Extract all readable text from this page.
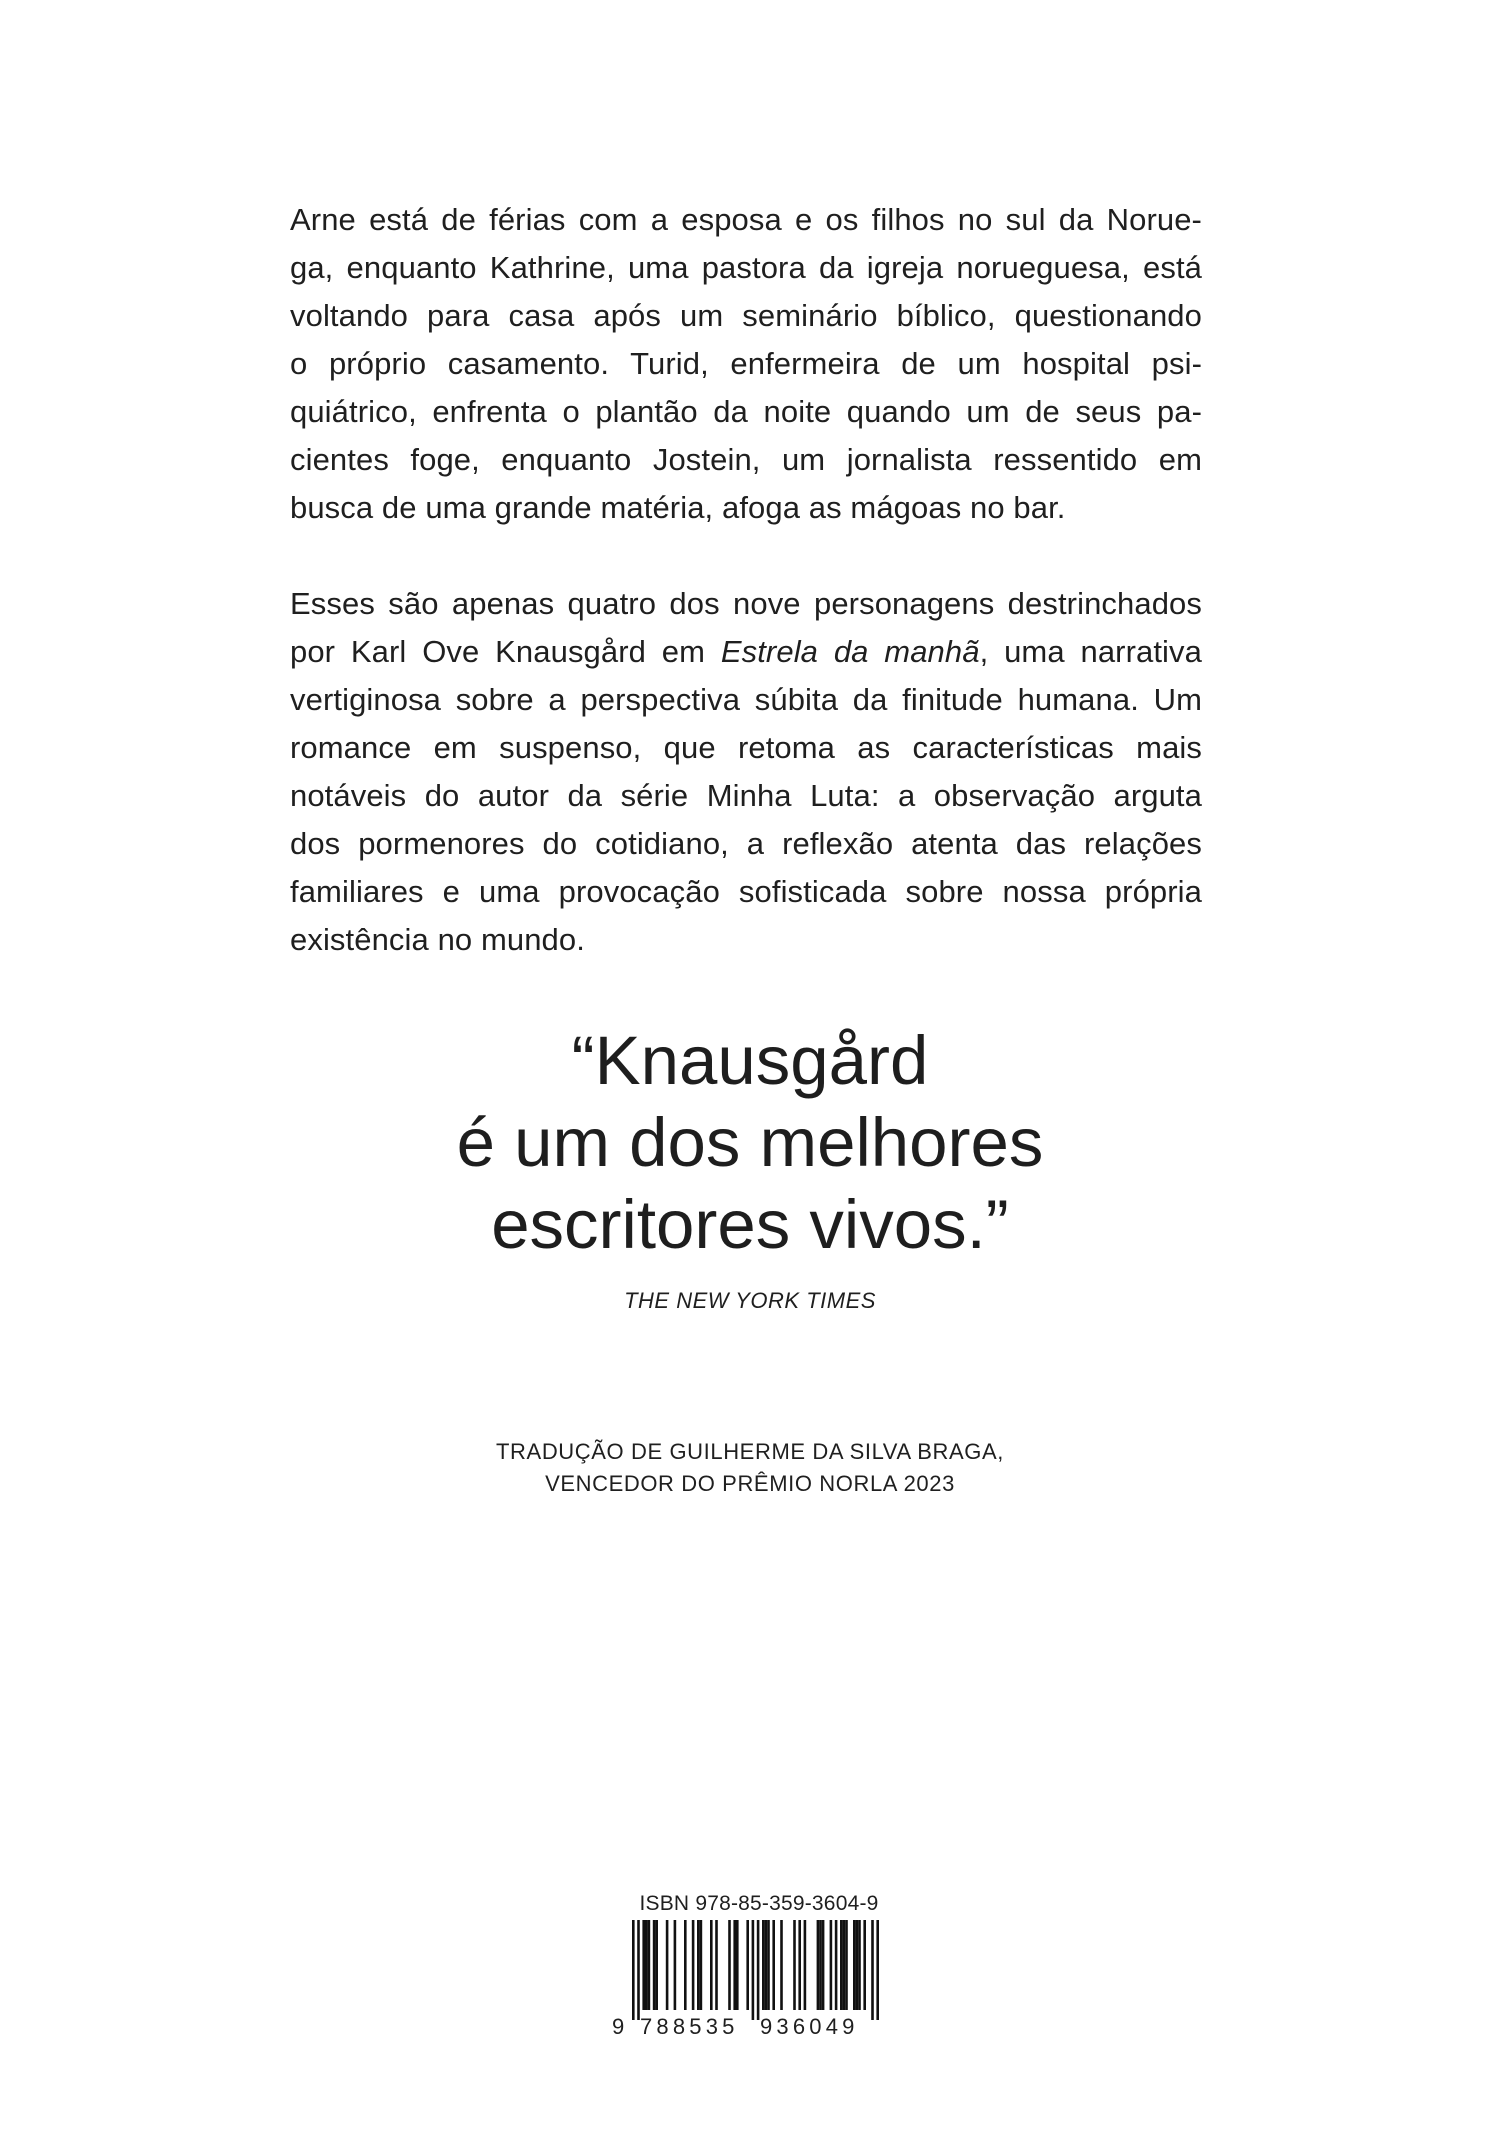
Arne está de férias com a esposa e os filhos no sul da Norue-
ga, enquanto Kathrine, uma pastora da igreja norueguesa, está
voltando para casa após um seminário bíblico, questionando
o próprio casamento. Turid, enfermeira de um hospital psi-
quiátrico, enfrenta o plantão da noite quando um de seus pa-
cientes foge, enquanto Jostein, um jornalista ressentido em
busca de uma grande matéria, afoga as mágoas no bar.

Esses são apenas quatro dos nove personagens destrinchados
por Karl Ove Knausgård em Estrela da manhã, uma narrativa
vertiginosa sobre a perspectiva súbita da finitude humana. Um
romance em suspenso, que retoma as características mais
notáveis do autor da série Minha Luta: a observação arguta
dos pormenores do cotidiano, a reflexão atenta das relações
familiares e uma provocação sofisticada sobre nossa própria
existência no mundo.

“Knausgård
é um dos melhores
escritores vivos.”
THE NEW YORK TIMES
TRADUÇÃO DE GUILHERME DA SILVA BRAGA,
VENCEDOR DO PRÊMIO NORLA 2023
ISBN 978-85-359-3604-9
9 788535 936049
